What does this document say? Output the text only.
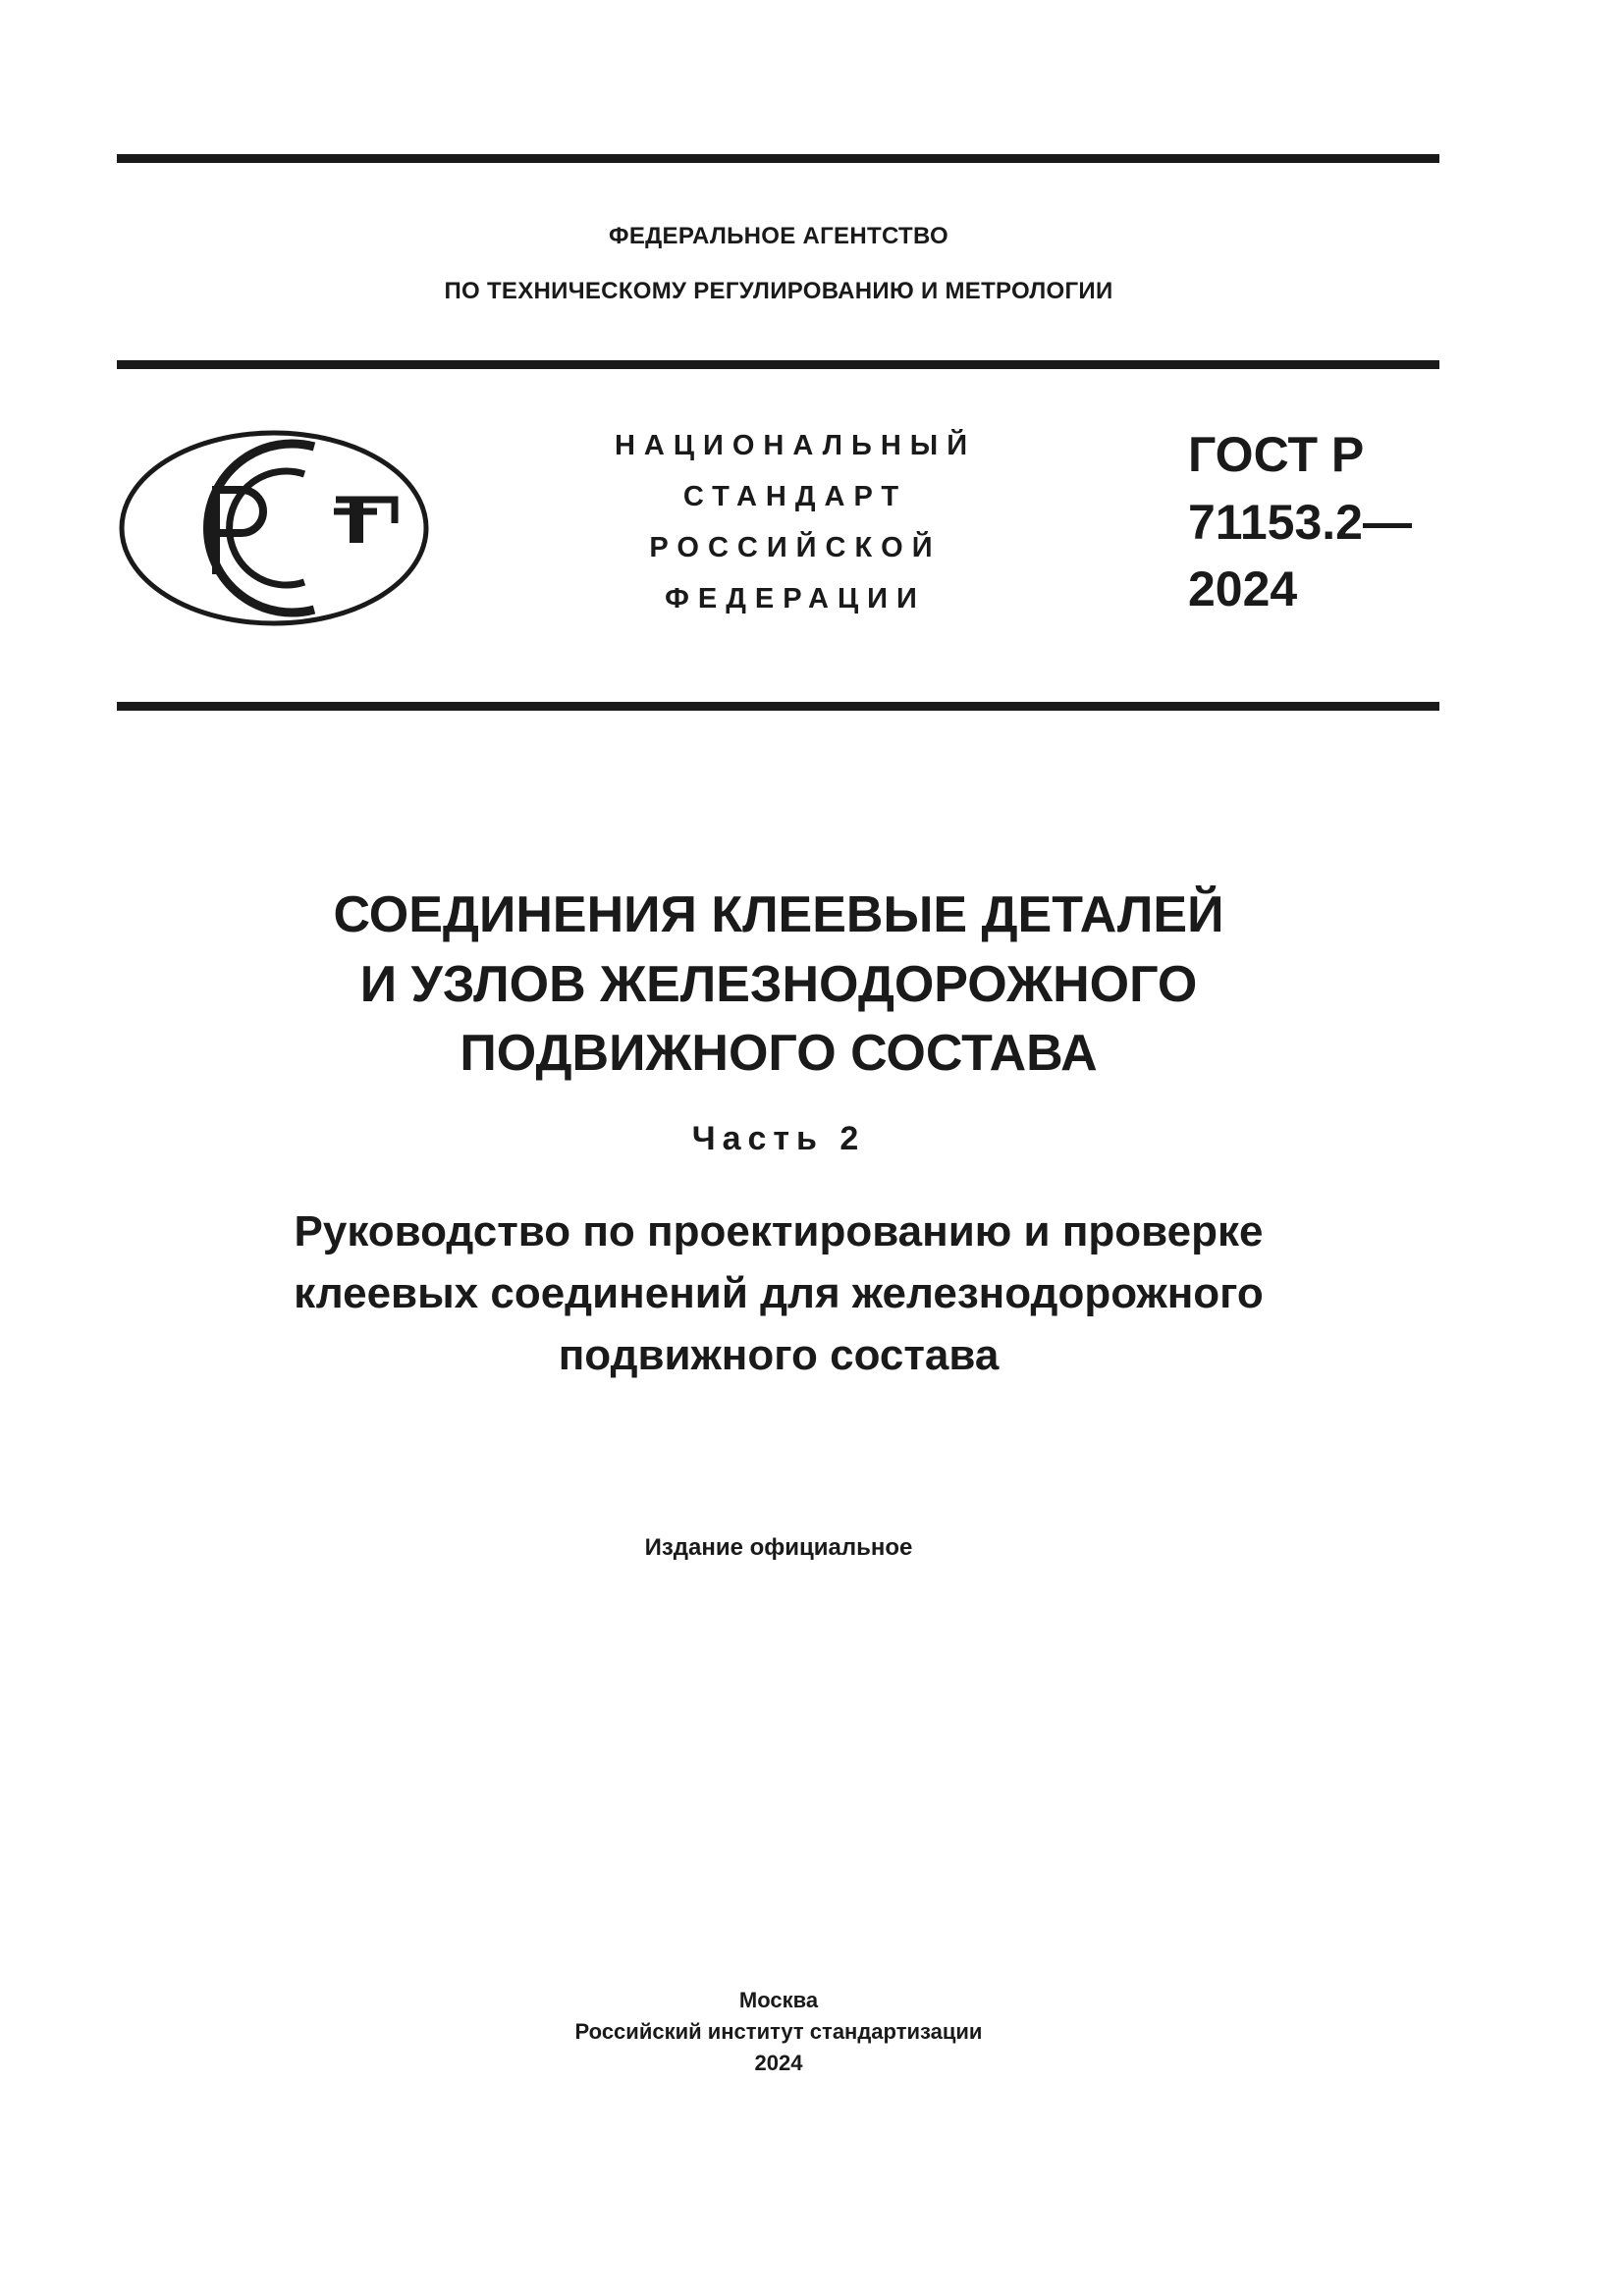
ФЕДЕРАЛЬНОЕ АГЕНТСТВО
ПО ТЕХНИЧЕСКОМУ РЕГУЛИРОВАНИЮ И МЕТРОЛОГИИ
НАЦИОНАЛЬНЫЙ
СТАНДАРТ
РОССИЙСКОЙ
ФЕДЕРАЦИИ
ГОСТ Р
71153.2—
2024
СОЕДИНЕНИЯ КЛЕЕВЫЕ ДЕТАЛЕЙ
И УЗЛОВ ЖЕЛЕЗНОДОРОЖНОГО
ПОДВИЖНОГО СОСТАВА
Часть 2
Руководство по проектированию и проверке
клеевых соединений для железнодорожного
подвижного состава
Издание официальное
Москва
Российский институт стандартизации
2024
